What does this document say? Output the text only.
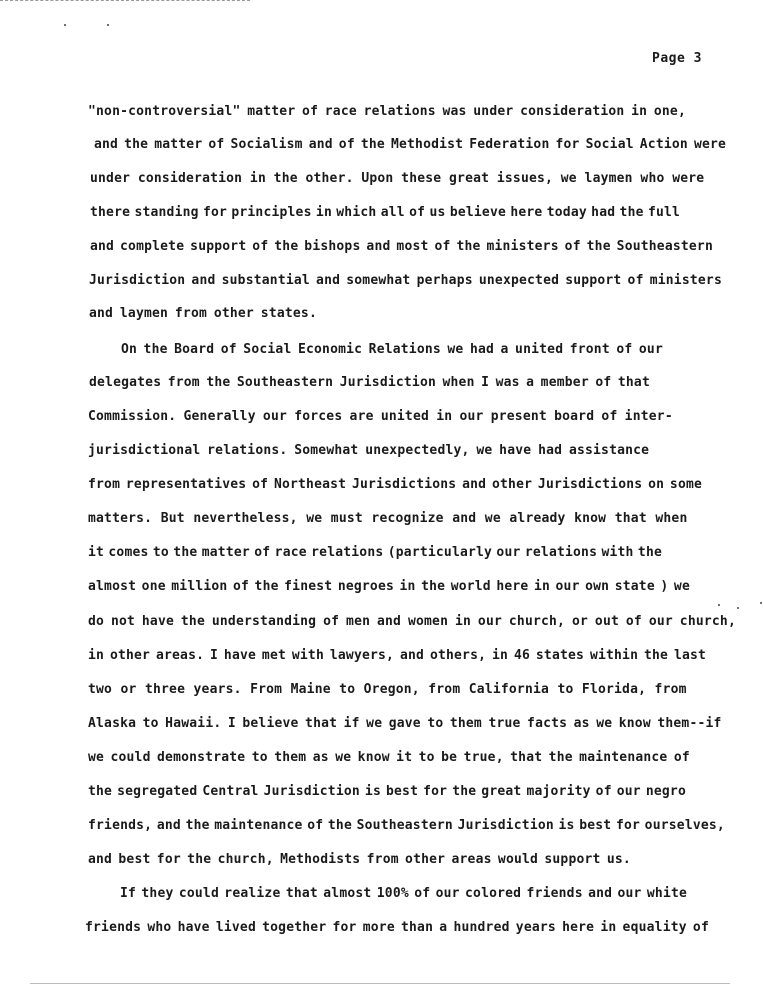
Page 3
"non-controversial" matter of race relations was under consideration in one,
and the matter of Socialism and of the Methodist Federation for Social Action were
under consideration in the other. Upon these great issues, we laymen who were
there standing for principles in which all of us believe here today had the full
and complete support of the bishops and most of the ministers of the Southeastern
Jurisdiction and substantial and somewhat perhaps unexpected support of ministers
and laymen from other states.
On the Board of Social Economic Relations we had a united front of our
delegates from the Southeastern Jurisdiction when I was a member of that
Commission. Generally our forces are united in our present board of inter-
jurisdictional relations. Somewhat unexpectedly, we have had assistance
from representatives of Northeast Jurisdictions and other Jurisdictions on some
matters. But nevertheless, we must recognize and we already know that when
it comes to the matter of race relations (particularly our relations with the
almost one million of the finest negroes in the world here in our own state ) we
do not have the understanding of men and women in our church, or out of our church,
in other areas. I have met with lawyers, and others, in 46 states within the last
two or three years. From Maine to Oregon, from California to Florida, from
Alaska to Hawaii. I believe that if we gave to them true facts as we know them--if
we could demonstrate to them as we know it to be true, that the maintenance of
the segregated Central Jurisdiction is best for the great majority of our negro
friends, and the maintenance of the Southeastern Jurisdiction is best for ourselves,
and best for the church, Methodists from other areas would support us.
If they could realize that almost 100% of our colored friends and our white
friends who have lived together for more than a hundred years here in equality of
